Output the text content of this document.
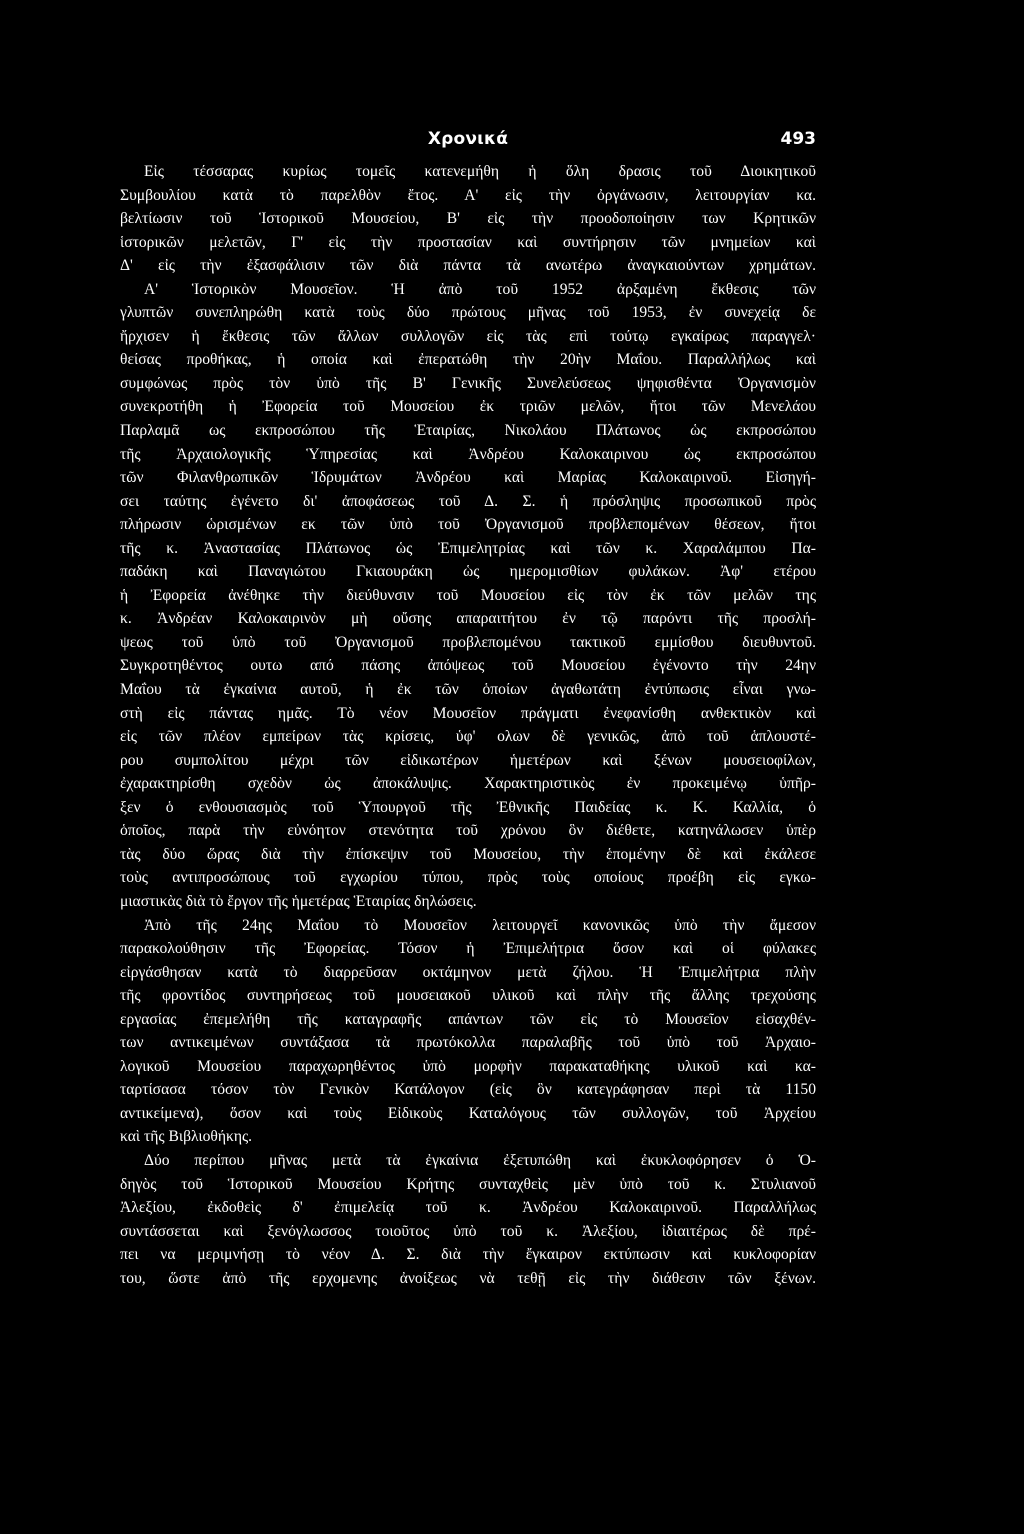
Χρονικά	493
Εἰς τέσσαρας κυρίως τομεῖς κατενεμήθη ἡ ὅλη δρασις τοῦ Διοικητικοῦ
Συμβουλίου κατὰ τὸ παρελθὸν ἔτος. Α' εἰς τὴν ὀργάνωσιν, λειτουργίαν κα.
βελτίωσιν τοῦ Ἱστορικοῦ Μουσείου, Β' εἰς τὴν προοδοποίησιν των Κρητικῶν
ἱστορικῶν μελετῶν, Γ' εἰς τὴν προστασίαν καὶ συντήρησιν τῶν μνημείων καὶ
Δ' εἰς τὴν ἐξασφάλισιν τῶν διὰ πάντα τὰ ανωτέρω ἀναγκαιούντων χρημάτων.
Α' Ἱστορικὸν Μουσεῖον. Ἡ ἀπὸ τοῦ 1952 ἀρξαμένη ἔκθεσις τῶν
γλυπτῶν συνεπληρώθη κατὰ τοὺς δύο πρώτους μῆνας τοῦ 1953, ἐν συνεχείᾳ δε
ἤρχισεν ἡ ἔκθεσις τῶν ἄλλων συλλογῶν εἰς τὰς επὶ τούτῳ εγκαίρως παραγγελ·
θείσας προθήκας, ἡ οποία καὶ ἐπερατώθη τὴν 20ὴν Μαΐου. Παραλλήλως καὶ
συμφώνως πρὸς τὸν ὑπὸ τῆς Β' Γενικῆς Συνελεύσεως ψηφισθέντα Ὀργανισμὸν
συνεκροτήθη ἡ Ἐφορεία τοῦ Μουσείου ἐκ τριῶν μελῶν, ἤτοι τῶν Μενελάου
Παρλαμᾶ ως εκπροσώπου τῆς Ἑταιρίας, Νικολάου Πλάτωνος ὡς εκπροσώπου
τῆς Ἀρχαιολογικῆς Ὑπηρεσίας καὶ Ἀνδρέου Καλοκαιρινου ὡς εκπροσώπου
τῶν Φιλανθρωπικῶν Ἱδρυμάτων Ἀνδρέου καὶ Μαρίας Καλοκαιρινοῦ. Εἰσηγή-
σει ταύτης ἐγένετο δι' ἀποφάσεως τοῦ Δ. Σ. ἡ πρόσληψις προσωπικοῦ πρὸς
πλήρωσιν ὡρισμένων εκ τῶν ὑπὸ τοῦ Ὀργανισμοῦ προβλεπομένων θέσεων, ἤτοι
τῆς κ. Ἀναστασίας Πλάτωνος ὡς Ἐπιμελητρίας καὶ τῶν κ. Χαραλάμπου Πα-
παδάκη καὶ Παναγιώτου Γκιαουράκη ὡς ημερομισθίων φυλάκων. Ἀφ' ετέρου
ἡ Ἐφορεία ἀνέθηκε τὴν διεύθυνσιν τοῦ Μουσείου εἰς τὸν ἐκ τῶν μελῶν της
κ. Ἀνδρέαν Καλοκαιρινὸν μὴ οὔσης απαραιτήτου ἐν τῷ παρόντι τῆς προσλή-
ψεως τοῦ ὑπὸ τοῦ Ὀργανισμοῦ προβλεπομένου τακτικοῦ εμμίσθου διευθυντοῦ.
Συγκροτηθέντος ουτω από πάσης ἀπόψεως τοῦ Μουσείου ἐγένοντο τὴν 24ην
Μαΐου τὰ ἐγκαίνια αυτοῦ, ἡ ἐκ τῶν ὁποίων ἀγαθωτάτη ἐντύπωσις εἶναι γνω-
στὴ εἰς πάντας ημᾶς. Τὸ νέον Μουσεῖον πράγματι ἐνεφανίσθη ανθεκτικὸν καὶ
εἰς τῶν πλέον εμπείρων τὰς κρίσεις, ὑφ' ολων δὲ γενικῶς, ἀπὸ τοῦ ἁπλουστέ-
ρου συμπολίτου μέχρι τῶν εἰδικωτέρων ἡμετέρων καὶ ξένων μουσειοφίλων,
ἐχαρακτηρίσθη σχεδὸν ὡς ἀποκάλυψις. Χαρακτηριστικὸς ἐν προκειμένῳ ὑπῆρ-
ξεν ὁ ενθουσιασμὸς τοῦ Ὑπουργοῦ τῆς Ἐθνικῆς Παιδείας κ. Κ. Καλλία, ὁ
ὁποῖος, παρὰ τὴν εὐνόητον στενότητα τοῦ χρόνου ὃν διέθετε, κατηνάλωσεν ὑπὲρ
τὰς δύο ὥρας διὰ τὴν ἐπίσκεψιν τοῦ Μουσείου, τὴν ἑπομένην δὲ καὶ ἐκάλεσε
τοὺς αντιπροσώπους τοῦ εγχωρίου τύπου, πρὸς τοὺς οποίους προέβη εἰς εγκω-
μιαστικὰς διὰ τὸ ἔργον τῆς ἡμετέρας Ἑταιρίας δηλώσεις.
Ἀπὸ τῆς 24ης Μαΐου τὸ Μουσεῖον λειτουργεῖ κανονικῶς ὑπὸ τὴν ἄμεσον
παρακολούθησιν τῆς Ἐφορείας. Τόσον ἡ Ἐπιμελήτρια ὅσον καὶ οἱ φύλακες
εἰργάσθησαν κατὰ τὸ διαρρεῦσαν οκτάμηνον μετὰ ζήλου. Ἡ Ἐπιμελήτρια πλὴν
τῆς φροντίδος συντηρήσεως τοῦ μουσειακοῦ υλικοῦ καὶ πλὴν τῆς ἄλλης τρεχούσης
εργασίας ἐπεμελήθη τῆς καταγραφῆς απάντων τῶν εἰς τὸ Μουσεῖον εἰσαχθέν-
των αντικειμένων συντάξασα τὰ πρωτόκολλα παραλαβῆς τοῦ ὑπὸ τοῦ Ἀρχαιο-
λογικοῦ Μουσείου παραχωρηθέντος ὑπὸ μορφὴν παρακαταθήκης υλικοῦ καὶ κα-
ταρτίσασα τόσον τὸν Γενικὸν Κατάλογον (εἰς ὃν κατεγράφησαν περὶ τὰ 1150
αντικείμενα), ὅσον καὶ τοὺς Εἰδικοὺς Καταλόγους τῶν συλλογῶν, τοῦ Ἀρχείου
καὶ τῆς Βιβλιοθήκης.
Δύο περίπου μῆνας μετὰ τὰ ἐγκαίνια ἐξετυπώθη καὶ ἐκυκλοφόρησεν ὁ Ὁ-
δηγὸς τοῦ Ἱστορικοῦ Μουσείου Κρήτης συνταχθεὶς μὲν ὑπὸ τοῦ κ. Στυλιανοῦ
Ἀλεξίου, ἐκδοθεὶς δ' ἐπιμελείᾳ τοῦ κ. Ἀνδρέου Καλοκαιρινοῦ. Παραλλήλως
συντάσσεται καὶ ξενόγλωσσος τοιοῦτος ὑπὸ τοῦ κ. Ἀλεξίου, ἰδιαιτέρως δὲ πρέ-
πει να μεριμνήσῃ τὸ νέον Δ. Σ. διὰ τὴν ἔγκαιρον εκτύπωσιν καὶ κυκλοφορίαν
του, ὥστε ἀπὸ τῆς ερχομενης ἀνοίξεως νὰ τεθῇ εἰς τὴν διάθεσιν τῶν ξένων.
